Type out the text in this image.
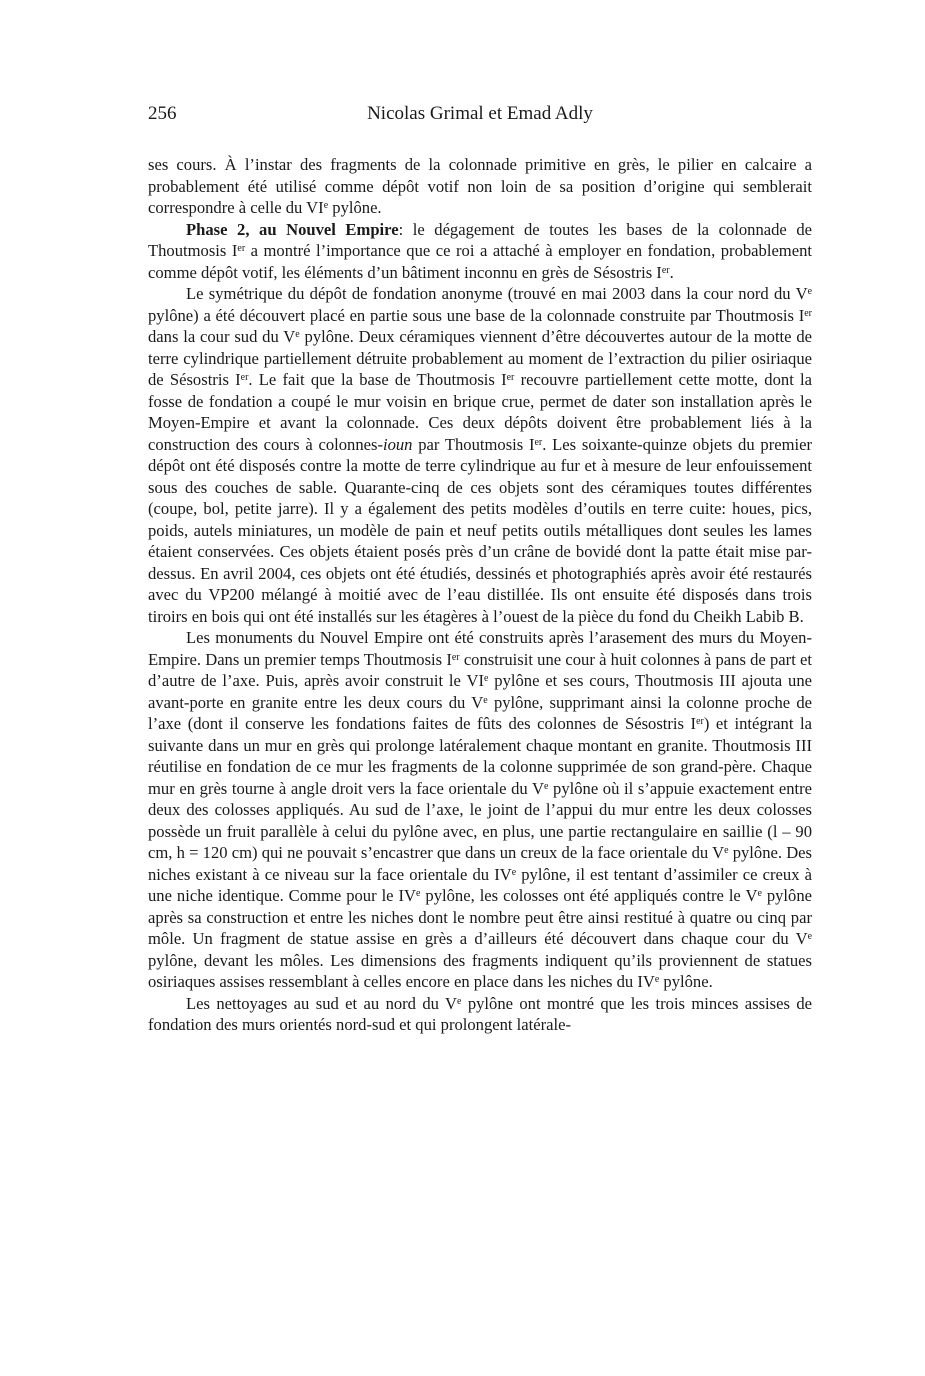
256	Nicolas Grimal et Emad Adly

ses cours. À l’instar des fragments de la colonnade primitive en grès, le pilier en calcaire a probablement été utilisé comme dépôt votif non loin de sa position d’origine qui semblerait correspondre à celle du VIe pylône.

Phase 2, au Nouvel Empire: le dégagement de toutes les bases de la colonnade de Thoutmosis Ier a montré l’importance que ce roi a attaché à employer en fondation, probablement comme dépôt votif, les éléments d’un bâtiment inconnu en grès de Sésostris Ier.

Le symétrique du dépôt de fondation anonyme (trouvé en mai 2003 dans la cour nord du Ve pylône) a été découvert placé en partie sous une base de la colonnade construite par Thoutmosis Ier dans la cour sud du Ve pylône. Deux céramiques viennent d’être découvertes autour de la motte de terre cylindrique partiellement détruite probablement au moment de l’extraction du pilier osiriaque de Sésostris Ier. Le fait que la base de Thoutmosis Ier recouvre partiellement cette motte, dont la fosse de fondation a coupé le mur voisin en brique crue, permet de dater son installation après le Moyen-Empire et avant la colonnade. Ces deux dépôts doivent être probablement liés à la construction des cours à colonnes-ioun par Thoutmosis Ier. Les soixante-quinze objets du premier dépôt ont été disposés contre la motte de terre cylindrique au fur et à mesure de leur enfouissement sous des couches de sable. Quarante-cinq de ces objets sont des céramiques toutes différentes (coupe, bol, petite jarre). Il y a également des petits modèles d’outils en terre cuite: houes, pics, poids, autels miniatures, un modèle de pain et neuf petits outils métalliques dont seules les lames étaient conservées. Ces objets étaient posés près d’un crâne de bovidé dont la patte était mise par-dessus. En avril 2004, ces objets ont été étudiés, dessinés et photographiés après avoir été restaurés avec du VP200 mélangé à moitié avec de l’eau distillée. Ils ont ensuite été disposés dans trois tiroirs en bois qui ont été installés sur les étagères à l’ouest de la pièce du fond du Cheikh Labib B.

Les monuments du Nouvel Empire ont été construits après l’arasement des murs du Moyen-Empire. Dans un premier temps Thoutmosis Ier construisit une cour à huit colonnes à pans de part et d’autre de l’axe. Puis, après avoir construit le VIe pylône et ses cours, Thoutmosis III ajouta une avant-porte en granite entre les deux cours du Ve pylône, supprimant ainsi la colonne proche de l’axe (dont il conserve les fondations faites de fûts des colonnes de Sésostris Ier) et intégrant la suivante dans un mur en grès qui prolonge latéralement chaque montant en granite. Thoutmosis III réutilise en fondation de ce mur les fragments de la colonne supprimée de son grand-père. Chaque mur en grès tourne à angle droit vers la face orientale du Ve pylône où il s’appuie exactement entre deux des colosses appliqués. Au sud de l’axe, le joint de l’appui du mur entre les deux colosses possède un fruit parallèle à celui du pylône avec, en plus, une partie rectangulaire en saillie (l – 90 cm, h = 120 cm) qui ne pouvait s’encastrer que dans un creux de la face orientale du Ve pylône. Des niches existant à ce niveau sur la face orientale du IVe pylône, il est tentant d’assimiler ce creux à une niche identique. Comme pour le IVe pylône, les colosses ont été appliqués contre le Ve pylône après sa construction et entre les niches dont le nombre peut être ainsi restitué à quatre ou cinq par môle. Un fragment de statue assise en grès a d’ailleurs été découvert dans chaque cour du Ve pylône, devant les môles. Les dimensions des fragments indiquent qu’ils proviennent de statues osiriaques assises ressemblant à celles encore en place dans les niches du IVe pylône.

Les nettoyages au sud et au nord du Ve pylône ont montré que les trois minces assises de fondation des murs orientés nord-sud et qui prolongent latérale-
